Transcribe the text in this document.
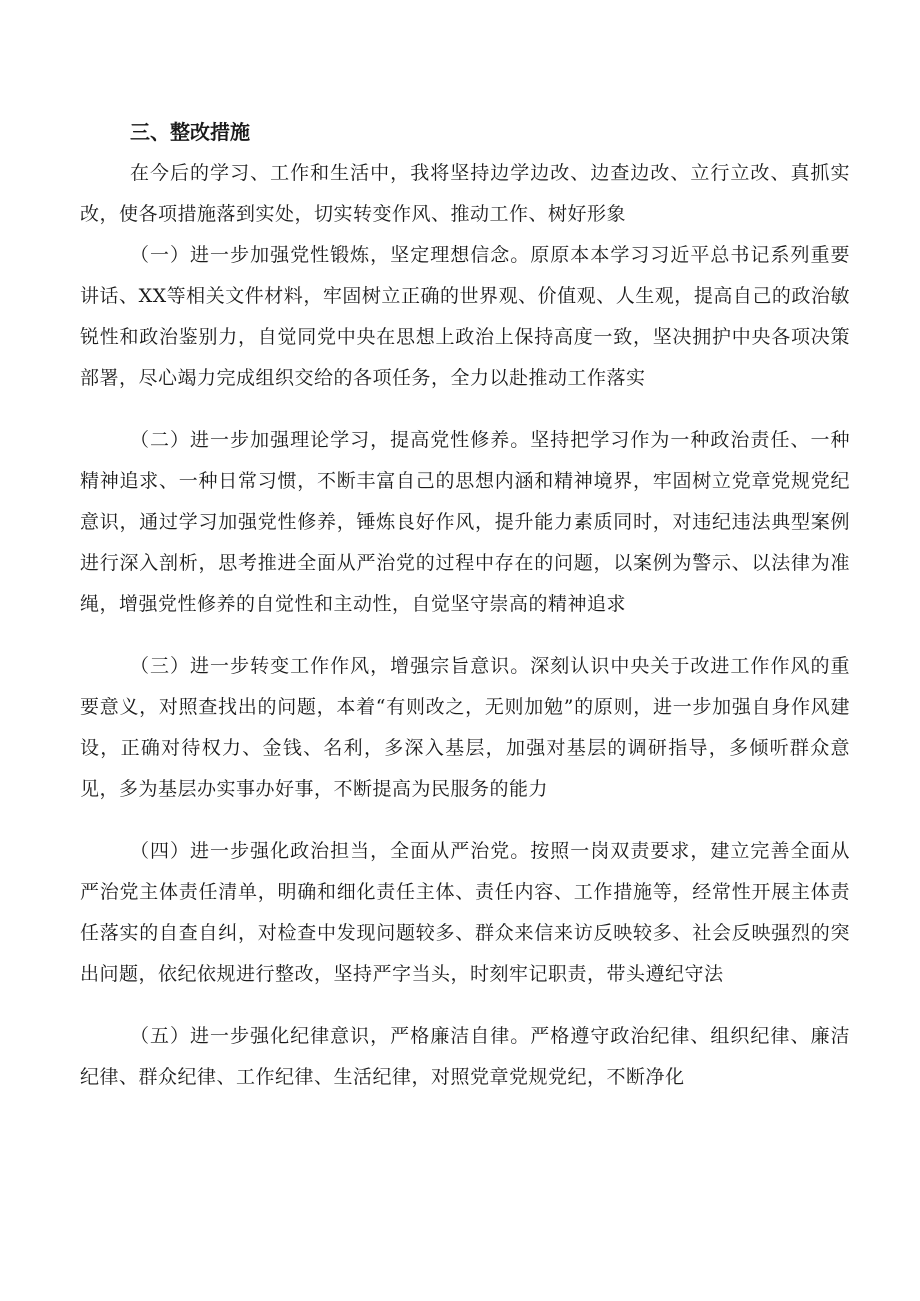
三、整改措施

在今后的学习、工作和生活中，我将坚持边学边改、边查边改、立行立改、真抓实改，使各项措施落到实处，切实转变作风、推动工作、树好形象

（一）进一步加强党性锻炼，坚定理想信念。原原本本学习习近平总书记系列重要讲话、XX等相关文件材料，牢固树立正确的世界观、价值观、人生观，提高自己的政治敏锐性和政治鉴别力，自觉同党中央在思想上政治上保持高度一致，坚决拥护中央各项决策部署，尽心竭力完成组织交给的各项任务，全力以赴推动工作落实

（二）进一步加强理论学习，提高党性修养。坚持把学习作为一种政治责任、一种精神追求、一种日常习惯，不断丰富自己的思想内涵和精神境界，牢固树立党章党规党纪意识，通过学习加强党性修养，锤炼良好作风，提升能力素质同时，对违纪违法典型案例进行深入剖析，思考推进全面从严治党的过程中存在的问题，以案例为警示、以法律为准绳，增强党性修养的自觉性和主动性，自觉坚守崇高的精神追求

（三）进一步转变工作作风，增强宗旨意识。深刻认识中央关于改进工作作风的重要意义，对照查找出的问题，本着“有则改之，无则加勉”的原则，进一步加强自身作风建设，正确对待权力、金钱、名利，多深入基层，加强对基层的调研指导，多倾听群众意见，多为基层办实事办好事，不断提高为民服务的能力

（四）进一步强化政治担当，全面从严治党。按照一岗双责要求，建立完善全面从严治党主体责任清单，明确和细化责任主体、责任内容、工作措施等，经常性开展主体责任落实的自查自纠，对检查中发现问题较多、群众来信来访反映较多、社会反映强烈的突出问题，依纪依规进行整改，坚持严字当头，时刻牢记职责，带头遵纪守法

（五）进一步强化纪律意识，严格廉洁自律。严格遵守政治纪律、组织纪律、廉洁纪律、群众纪律、工作纪律、生活纪律，对照党章党规党纪，不断净化
